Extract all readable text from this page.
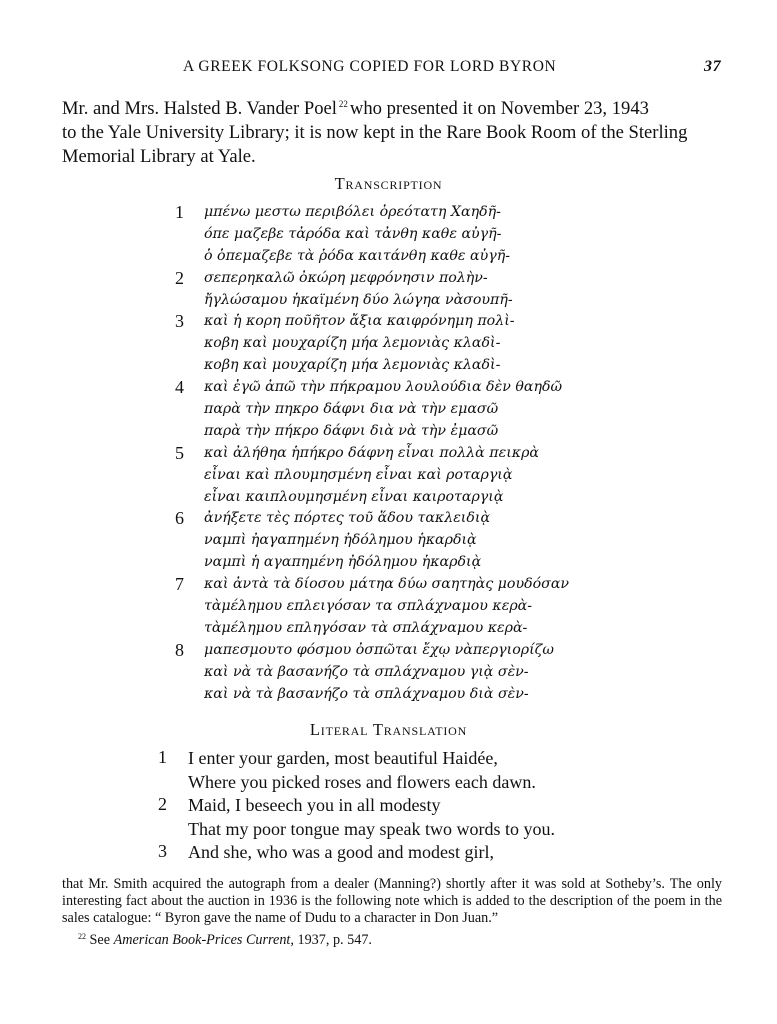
A GREEK FOLKSONG COPIED FOR LORD BYRON	37
Mr. and Mrs. Halsted B. Vander Poel $^{22}$ who presented it on November 23, 1943
to the Yale University Library; it is now kept in the Rare Book Room of the Sterling
Memorial Library at Yale.
Transcription
1 μπένω μεστω περιβόλει ὁρεότατη Χαηδῆ-
όπε μαζεβε τἀρόδα καὶ τἀνθη καθε αὐγῆ-
ὁ ὁπεμαζεβε τὰ ῥόδα καιτάνθη καθε αὐγῆ-
2 σεπερηκαλῶ ὀκώρη μεφρόνησιν πολὴν-
ἤγλώσαμου ἡκαϊμένη δύο λώγηα νὰσουπῆ-
3 καὶ ἡ κορη ποῦῆτον ἄξια καιφρόνημη πολὶ-
κοβη καὶ μουχαρίζη μήα λεμονιὰς κλαδὶ-
κοβη καὶ μουχαρίζη μήα λεμονιὰς κλαδὶ-
4 καὶ ἐγῶ ἀπῶ τὴν πήκραμου λουλούδια δὲν θαηδῶ
παρὰ τὴν πηκρο δάφνι δια νὰ τὴν εμασῶ
παρὰ τὴν πήκρο δάφνι διὰ νὰ τὴν ἐμασῶ
5 καὶ ἀλήθηα ἡπήκρο δάφνη εἶναι πολλὰ πεικρὰ
εἶναι καὶ πλουμησμένη εἶναι καὶ ροταργιᾲ
εἶναι καιπλουμησμένη εἶναι καιροταργιᾲ
6 ἀνήξετε τὲς πόρτες τοῦ ἅδου τακλειδιᾲ
ναμπὶ ἠαγαπημένη ἠδόλημου ἡκαρδιᾲ
ναμπὶ ἡ αγαπημένη ἠδόλημου ἡκαρδιᾲ
7 καὶ ἀντὰ τὰ δίοσου μάτηα δύω σαητηὰς μουδόσαν
τὰμέλημου επλειγόσαν τα σπλάχναμου κερὰ-
τὰμέλημου επληγόσαν τὰ σπλάχναμου κερὰ-
8 μαπεσμουτο φόσμου ὀσπῶται ἔχῳ νὰπεργιορίζω
καὶ νὰ τὰ βασανήζο τὰ σπλάχναμου γιᾲ σὲν-
καὶ νὰ τὰ βασανήζο τὰ σπλάχναμου διὰ σὲν-
Literal Translation
1 I enter your garden, most beautiful Haidée,
Where you picked roses and flowers each dawn.
2 Maid, I beseech you in all modesty
That my poor tongue may speak two words to you.
3 And she, who was a good and modest girl,

that Mr. Smith acquired the autograph from a dealer (Manning?) shortly after it was sold at Sotheby’s. The only interesting fact about the auction in 1936 is the following note which is added to the description of the poem in the sales catalogue: “ Byron gave the name of Dudu to a character in Don Juan.”

$^{22}$ See American Book-Prices Current, 1937, p. 547.
